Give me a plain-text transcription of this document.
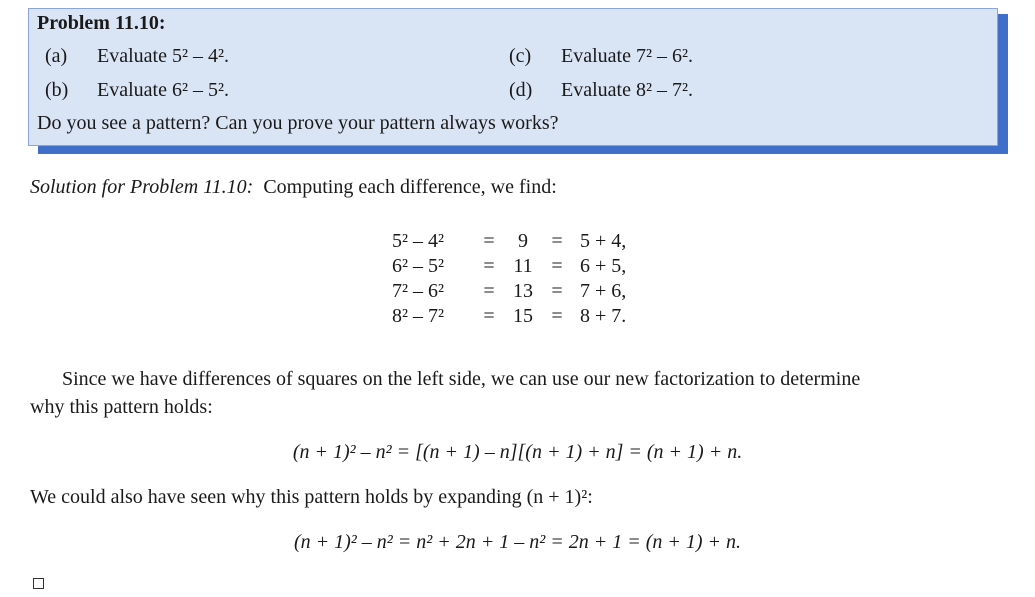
Problem 11.10:
(a) Evaluate 5² – 4².
(b) Evaluate 6² – 5².
(c) Evaluate 7² – 6².
(d) Evaluate 8² – 7².
Do you see a pattern? Can you prove your pattern always works?
Solution for Problem 11.10: Computing each difference, we find:
5² – 4²	=	9	=	5 + 4,
6² – 5²	=	11	=	6 + 5,
7² – 6²	=	13	=	7 + 6,
8² – 7²	=	15	=	8 + 7.
Since we have differences of squares on the left side, we can use our new factorization to determine
why this pattern holds:
(n + 1)² – n² = [(n + 1) – n][(n + 1) + n] = (n + 1) + n.
We could also have seen why this pattern holds by expanding (n + 1)²:
(n + 1)² – n² = n² + 2n + 1 – n² = 2n + 1 = (n + 1) + n.
